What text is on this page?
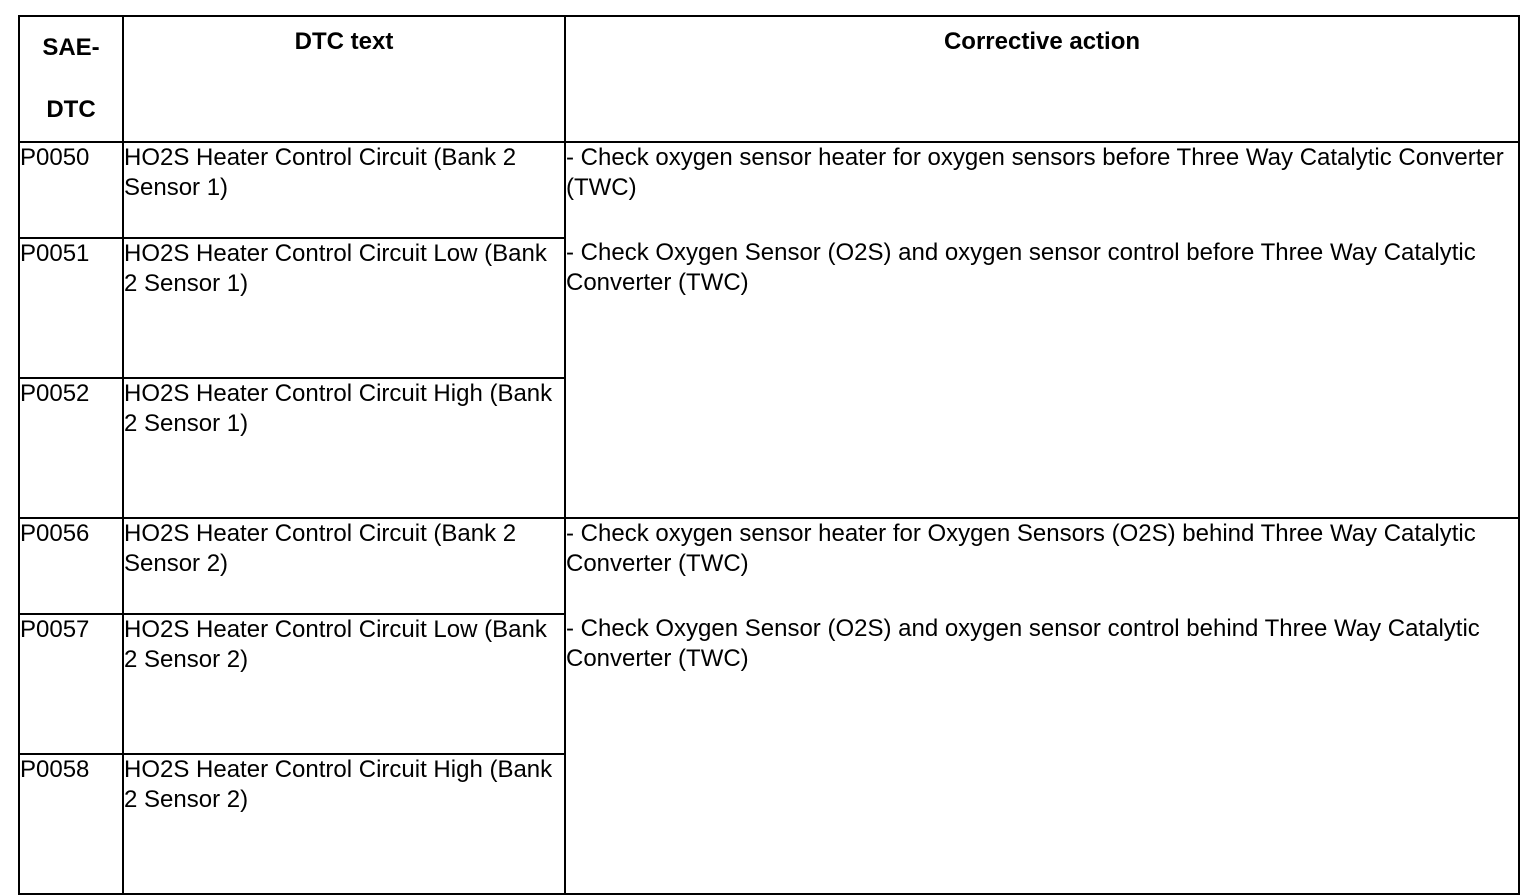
SAE-
DTC	DTC text	Corrective action
P0050	HO2S Heater Control Circuit (Bank 2 Sensor 1)	- Check oxygen sensor heater for oxygen sensors before Three Way Catalytic Converter (TWC)

- Check Oxygen Sensor (O2S) and oxygen sensor control before Three Way Catalytic Converter (TWC)

P0051	HO2S Heater Control Circuit Low (Bank 2 Sensor 1)	
P0052	HO2S Heater Control Circuit High (Bank 2 Sensor 1)	
P0056	HO2S Heater Control Circuit (Bank 2 Sensor 2)	- Check oxygen sensor heater for Oxygen Sensors (O2S) behind Three Way Catalytic Converter (TWC)

- Check Oxygen Sensor (O2S) and oxygen sensor control behind Three Way Catalytic Converter (TWC)

P0057	HO2S Heater Control Circuit Low (Bank 2 Sensor 2)	
P0058	HO2S Heater Control Circuit High (Bank 2 Sensor 2)	
